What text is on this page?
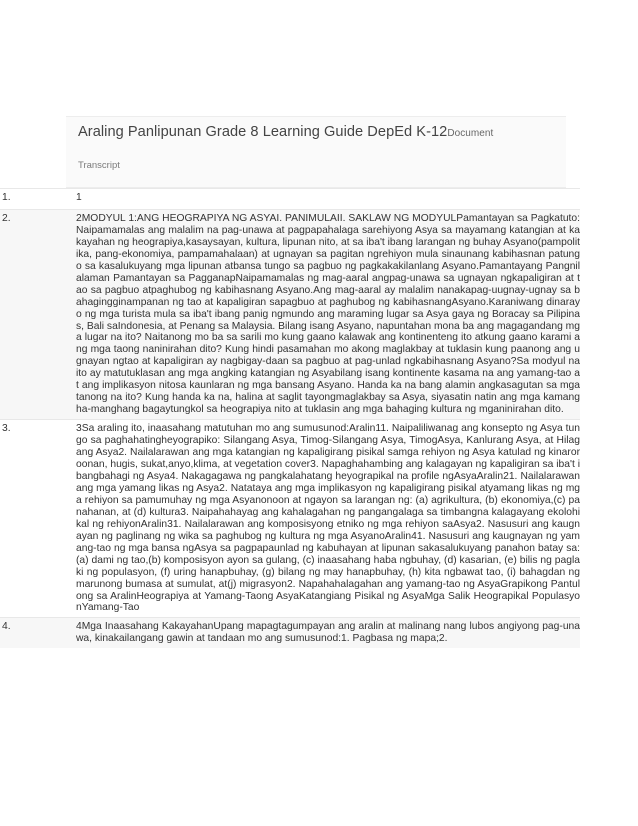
Araling Panlipunan Grade 8 Learning Guide DepEd K-12Document
Transcript
1.	1
2.	2MODYUL 1:ANG HEOGRAPIYA NG ASYAI. PANIMULAII. SAKLAW NG MODYULPamantayan sa Pagkatuto:Naipamamalas ang malalim na pag-unawa at pagpapahalaga sarehiyong Asya sa mayamang katangian at kakayahan ng heograpiya,kasaysayan, kultura, lipunan nito, at sa iba't ibang larangan ng buhay Asyano(pampolitika, pang-ekonomiya, pampamahalaan) at ugnayan sa pagitan ngrehiyon mula sinaunang kabihasnan patungo sa kasalukuyang mga lipunan atbansa tungo sa pagbuo ng pagkakakilanlang Asyano.Pamantayang Pangnilalaman Pamantayan sa PagganapNaipamamalas ng mag-aaral angpag-unawa sa ugnayan ngkapaligiran at tao sa pagbuo atpaghubog ng kabihasnang Asyano.Ang mag-aaral ay malalim nanakapag-uugnay-ugnay sa bahagingginampanan ng tao at kapaligiran sapagbuo at paghubog ng kabihasnangAsyano.Karaniwang dinarayo ng mga turista mula sa iba't ibang panig ngmundo ang maraming lugar sa Asya gaya ng Boracay sa Pilipinas, Bali saIndonesia, at Penang sa Malaysia. Bilang isang Asyano, napuntahan mona ba ang magagandang mga lugar na ito? Naitanong mo ba sa sarili mo kung gaano kalawak ang kontinenteng ito atkung gaano karami ang mga taong naninirahan dito? Kung hindi pasamahan mo akong maglakbay at tuklasin kung paanong ang ugnayan ngtao at kapaligiran ay nagbigay-daan sa pagbuo at pag-unlad ngkabihasnang Asyano?Sa modyul na ito ay matutuklasan ang mga angking katangian ng Asyabilang isang kontinente kasama na ang yamang-tao at ang implikasyon nitosa kaunlaran ng mga bansang Asyano. Handa ka na bang alamin angkasagutan sa mga tanong na ito? Kung handa ka na, halina at saglit tayongmaglakbay sa Asya, siyasatin natin ang mga kamangha-manghang bagaytungkol sa heograpiya nito at tuklasin ang mga bahaging kultura ng mganinirahan dito.
3.	3Sa araling ito, inaasahang matutuhan mo ang sumusunod:Aralin11. Naipaliliwanag ang konsepto ng Asya tungo sa paghahatingheyograpiko: Silangang Asya, Timog-Silangang Asya, TimogAsya, Kanlurang Asya, at Hilagang Asya2. Nailalarawan ang mga katangian ng kapaligirang pisikal samga rehiyon ng Asya katulad ng kinaroroonan, hugis, sukat,anyo,klima, at vegetation cover3. Napaghahambing ang kalagayan ng kapaligiran sa iba't ibangbahagi ng Asya4. Nakagagawa ng pangkalahatang heyograpikal na profile ngAsyaAralin21. Nailalarawan ang mga yamang likas ng Asya2. Natataya ang mga implikasyon ng kapaligirang pisikal atyamang likas ng mga rehiyon sa pamumuhay ng mga Asyanonoon at ngayon sa larangan ng: (a) agrikultura, (b) ekonomiya,(c) panahanan, at (d) kultura3. Naipahahayag ang kahalagahan ng pangangalaga sa timbangna kalagayang ekolohikal ng rehiyonAralin31. Nailalarawan ang komposisyong etniko ng mga rehiyon saAsya2. Nasusuri ang kaugnayan ng paglinang ng wika sa paghubog ng kultura ng mga AsyanoAralin41. Nasusuri ang kaugnayan ng yamang-tao ng mga bansa ngAsya sa pagpapaunlad ng kabuhayan at lipunan sakasalukuyang panahon batay sa: (a) dami ng tao,(b) komposisyon ayon sa gulang, (c) inaasahang haba ngbuhay, (d) kasarian, (e) bilis ng paglaki ng populasyon, (f) uring hanapbuhay, (g) bilang ng may hanapbuhay, (h) kita ngbawat tao, (i) bahagdan ng marunong bumasa at sumulat, at(j) migrasyon2. Napahahalagahan ang yamang-tao ng AsyaGrapikong Pantulong sa AralinHeograpiya at Yamang-Taong AsyaKatangiang Pisikal ng AsyaMga Salik Heograpikal PopulasyonYamang-Tao
4.	4Mga Inaasahang KakayahanUpang mapagtagumpayan ang aralin at malinang nang lubos angiyong pag-unawa, kinakailangang gawin at tandaan mo ang sumusunod:1. Pagbasa ng mapa;2.
